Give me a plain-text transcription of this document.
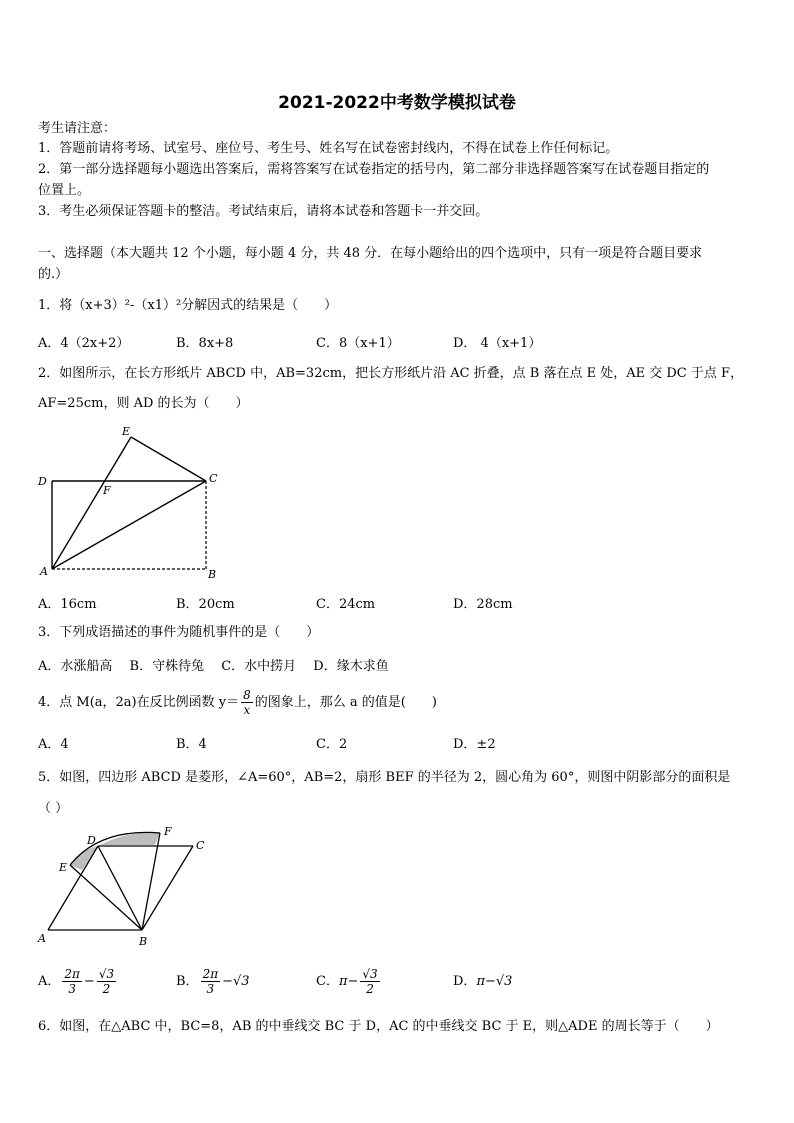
2021-2022中考数学模拟试卷
考生请注意：
1．答题前请将考场、试室号、座位号、考生号、姓名写在试卷密封线内，不得在试卷上作任何标记。
2．第一部分选择题每小题选出答案后，需将答案写在试卷指定的括号内，第二部分非选择题答案写在试卷题目指定的
位置上。
3．考生必须保证答题卡的整洁。考试结束后，请将本试卷和答题卡一并交回。
一、选择题（本大题共 12 个小题，每小题 4 分，共 48 分．在每小题给出的四个选项中，只有一项是符合题目要求
的.）
1．将（x+3）²-（x1）²分解因式的结果是（　　）
A．4（2x+2）	B．8x+8	C．8（x+1）	D． 4（x+1）
2．如图所示，在长方形纸片 ABCD 中，AB=32cm，把长方形纸片沿 AC 折叠，点 B 落在点 E 处，AE 交 DC 于点 F，
AF=25cm，则 AD 的长为（　　）
E
D
F
C
A	B
A．16cm	B．20cm	C．24cm	D．28cm
3．下列成语描述的事件为随机事件的是（　　）
A．水涨船高　 B．守株待兔　 C．水中捞月　 D．缘木求鱼
4．点 M(a，2a)在反比例函数 $y= \frac{8}{x}$ 的图象上，那么 a 的值是(　　)
A．4	B．4	C．2	D．±2
5．如图，四边形 ABCD 是菱形，∠A=60°，AB=2，扇形 BEF 的半径为 2，圆心角为 60°，则图中阴影部分的面积是
（ ）
D
F
C
E
A	B
A． $\frac{2\pi}{3} - \frac{√3}{2}$	B． $\frac{2\pi}{3} -√3$	C．$\pi- \frac{√3}{2}$	D．π−√3
6．如图，在△ABC 中，BC=8，AB 的中垂线交 BC 于 D，AC 的中垂线交 BC 于 E，则△ADE 的周长等于（　　）
